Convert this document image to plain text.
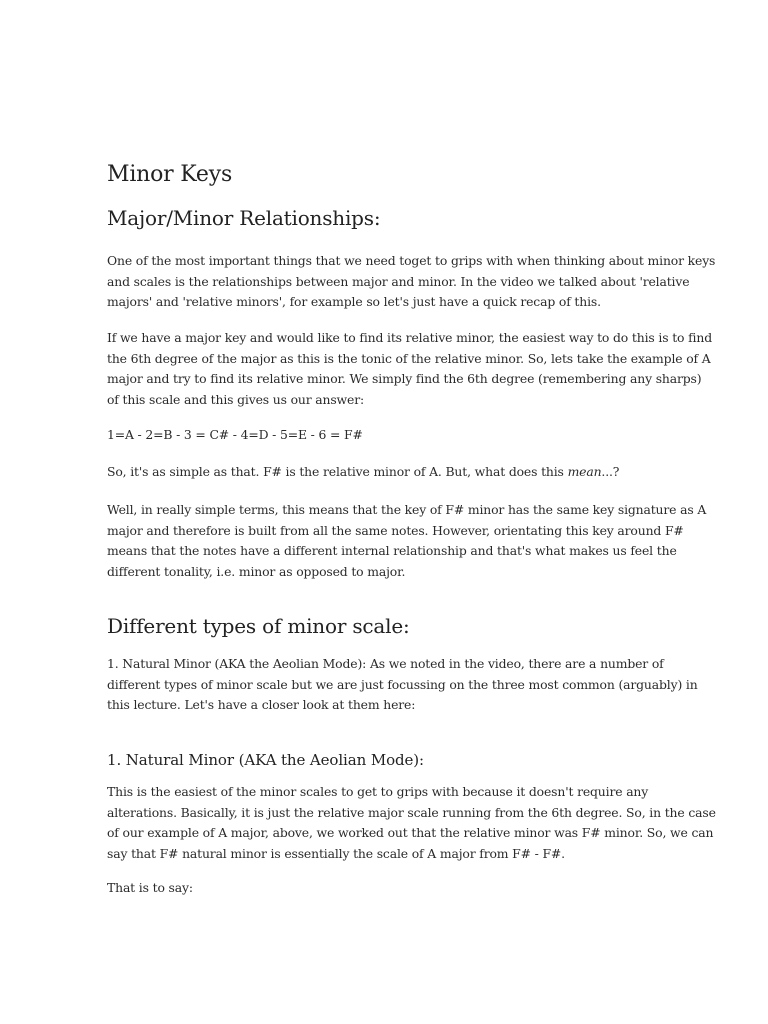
Minor Keys
Major/Minor Relationships:
One of the most important things that we need toget to grips with when thinking about minor keys
and scales is the relationships between major and minor. In the video we talked about 'relative
majors' and 'relative minors', for example so let's just have a quick recap of this.
If we have a major key and would like to find its relative minor, the easiest way to do this is to find
the 6th degree of the major as this is the tonic of the relative minor. So, lets take the example of A
major and try to find its relative minor. We simply find the 6th degree (remembering any sharps)
of this scale and this gives us our answer:
1=A - 2=B - 3 = C# - 4=D - 5=E - 6 = F#
So, it's as simple as that. F# is the relative minor of A. But, what does this mean...?
Well, in really simple terms, this means that the key of F# minor has the same key signature as A
major and therefore is built from all the same notes. However, orientating this key around F#
means that the notes have a different internal relationship and that's what makes us feel the
different tonality, i.e. minor as opposed to major.
Different types of minor scale:
1. Natural Minor (AKA the Aeolian Mode): As we noted in the video, there are a number of
different types of minor scale but we are just focussing on the three most common (arguably) in
this lecture. Let's have a closer look at them here:
1. Natural Minor (AKA the Aeolian Mode):
This is the easiest of the minor scales to get to grips with because it doesn't require any
alterations. Basically, it is just the relative major scale running from the 6th degree. So, in the case
of our example of A major, above, we worked out that the relative minor was F# minor. So, we can
say that F# natural minor is essentially the scale of A major from F# - F#.
That is to say:
